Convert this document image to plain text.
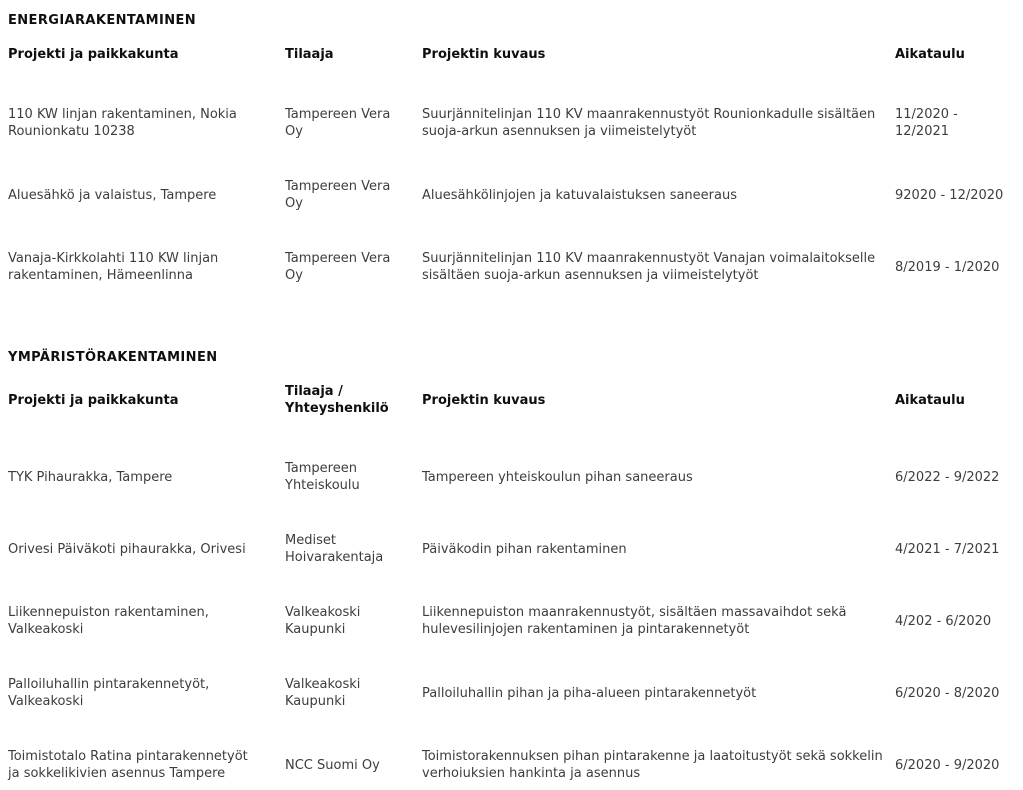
ENERGIARAKENTAMINEN
Projekti ja paikkakunta	Tilaaja	Projektin kuvaus	Aikataulu
110 KW linjan rakentaminen, Nokia Rounionkatu 10238	Tampereen Vera Oy	Suurjännitelinjan 110 KV maanrakennustyöt Rounionkadulle sisältäen suoja-arkun asennuksen ja viimeistelytyöt	11/2020 - 12/2021
Aluesähkö ja valaistus, Tampere	Tampereen Vera Oy	Aluesähkölinjojen ja katuvalaistuksen saneeraus	92020 - 12/2020
Vanaja-Kirkkolahti 110 KW linjan rakentaminen, Hämeenlinna	Tampereen Vera Oy	Suurjännitelinjan 110 KV maanrakennustyöt Vanajan voimalaitokselle sisältäen suoja-arkun asennuksen ja viimeistelytyöt	8/2019 - 1/2020
YMPÄRISTÖRAKENTAMINEN
Projekti ja paikkakunta	Tilaaja / Yhteyshenkilö	Projektin kuvaus	Aikataulu
TYK Pihaurakka, Tampere	Tampereen Yhteiskoulu	Tampereen yhteiskoulun pihan saneeraus	6/2022 - 9/2022
Orivesi Päiväkoti pihaurakka, Orivesi	Mediset Hoivarakentaja	Päiväkodin pihan rakentaminen	4/2021 - 7/2021
Liikennepuiston rakentaminen, Valkeakoski	Valkeakoski Kaupunki	Liikennepuiston maanrakennustyöt, sisältäen massavaihdot sekä hulevesilinjojen rakentaminen ja pintarakennetyöt	4/202 - 6/2020
Palloiluhallin pintarakennetyöt, Valkeakoski	Valkeakoski Kaupunki	Palloiluhallin pihan ja piha-alueen pintarakennetyöt	6/2020 - 8/2020
Toimistotalo Ratina pintarakennetyöt ja sokkelikivien asennus Tampere	NCC Suomi Oy	Toimistorakennuksen pihan pintarakenne ja laatoitustyöt sekä sokkelin verhoiuksien hankinta ja asennus	6/2020 - 9/2020
